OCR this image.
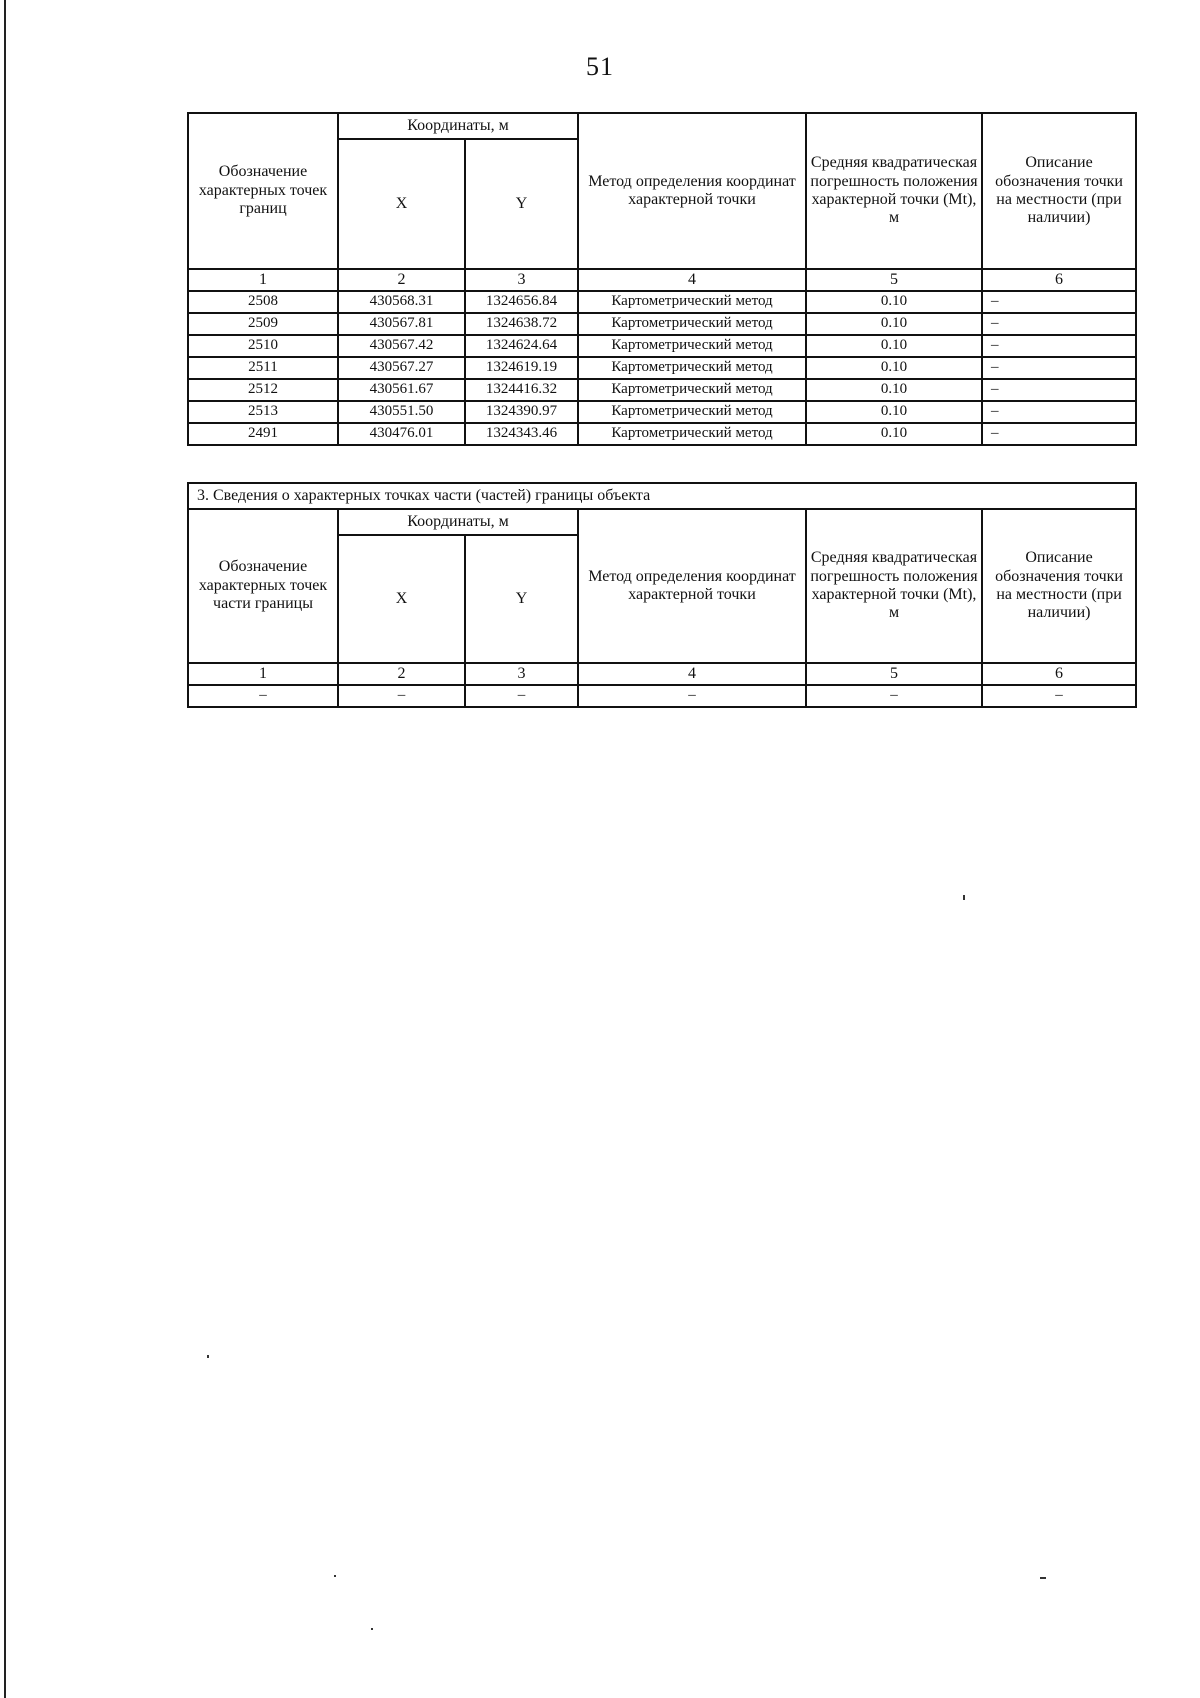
51
Обозначение характерных точек границ	Координаты, м		Метод определения координат характерной точки	Средняя квадратическая погрешность положения характерной точки (Мt), м	Описание обозначения точки на местности (при наличии)
	X	Y			
1	2	3	4	5	6
2508	430568.31	1324656.84	Картометрический метод	0.10	–
2509	430567.81	1324638.72	Картометрический метод	0.10	–
2510	430567.42	1324624.64	Картометрический метод	0.10	–
2511	430567.27	1324619.19	Картометрический метод	0.10	–
2512	430561.67	1324416.32	Картометрический метод	0.10	–
2513	430551.50	1324390.97	Картометрический метод	0.10	–
2491	430476.01	1324343.46	Картометрический метод	0.10	–
3. Сведения о характерных точках части (частей) границы объекта					
Обозначение характерных точек части границы	Координаты, м		Метод определения координат характерной точки	Средняя квадратическая погрешность положения характерной точки (Мt), м	Описание обозначения точки на местности (при наличии)
	X	Y			
1	2	3	4	5	6
–	–	–	–	–	–
